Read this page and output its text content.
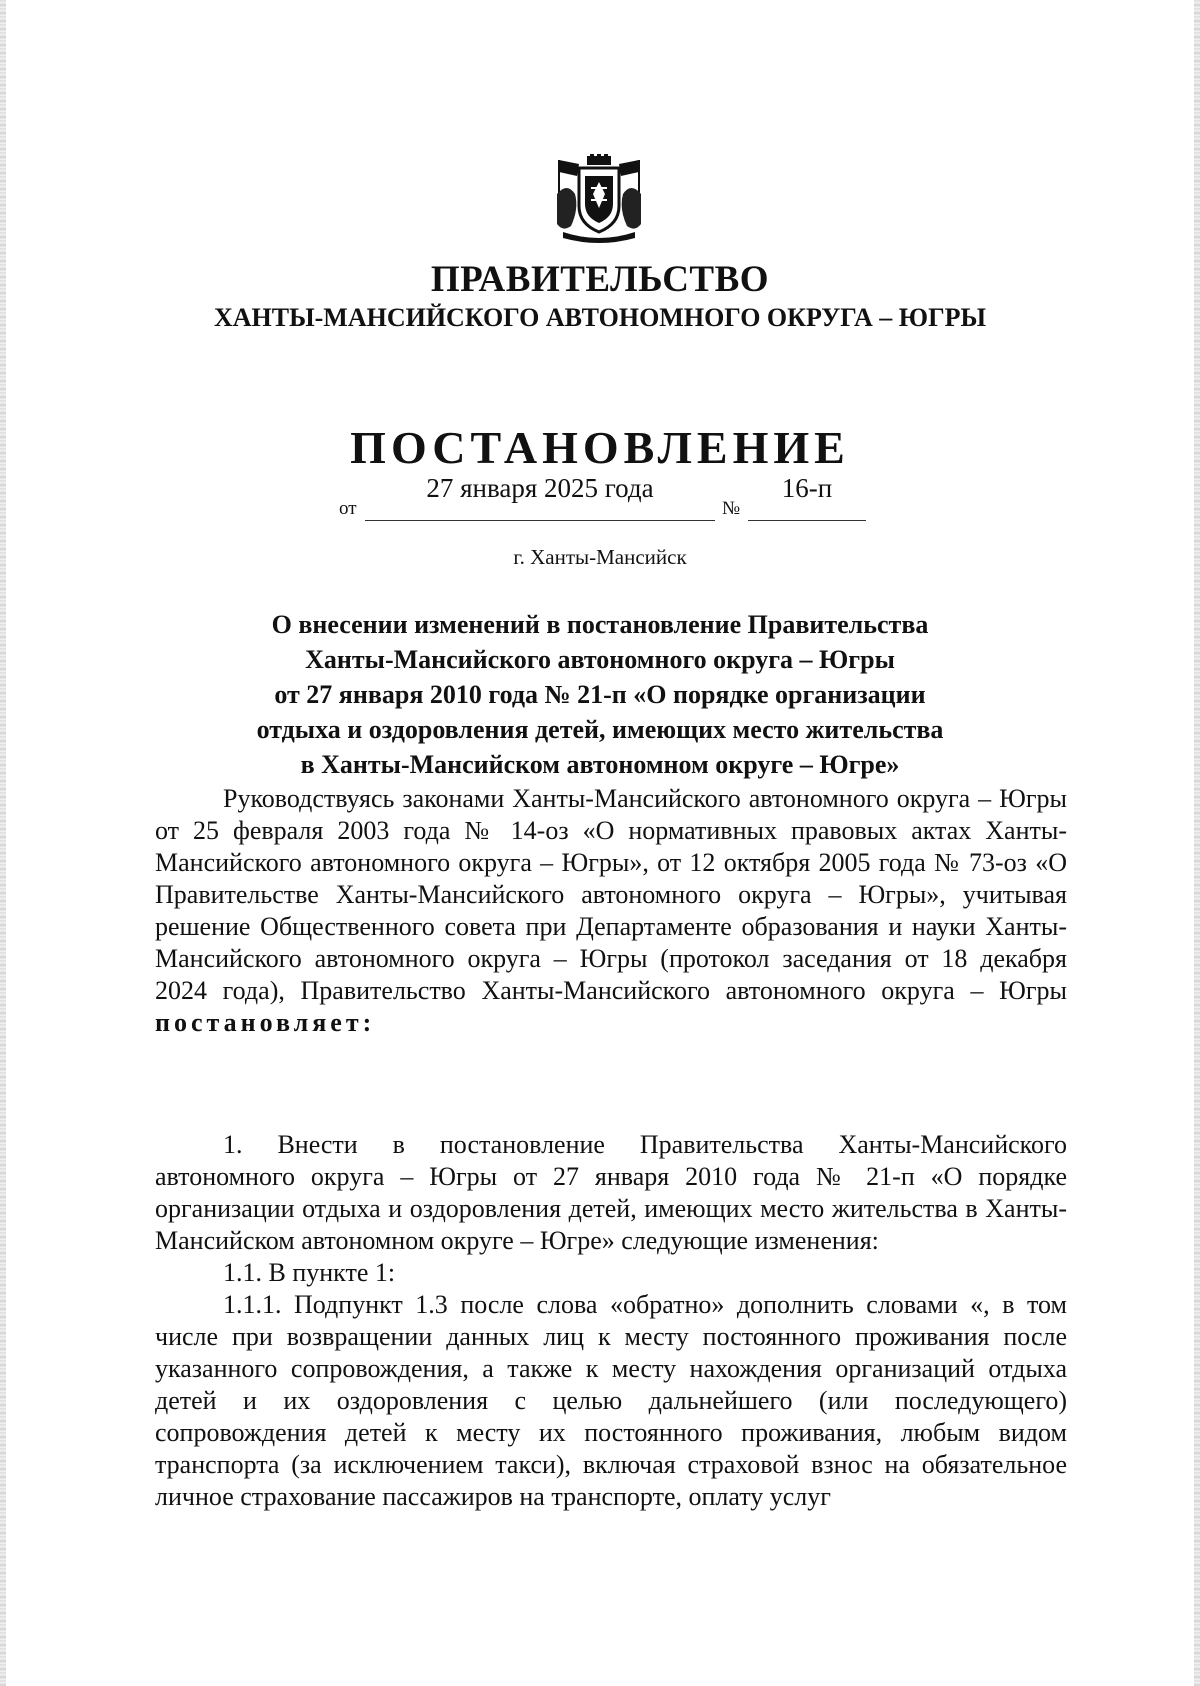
ПРАВИТЕЛЬСТВО
ХАНТЫ-МАНСИЙСКОГО АВТОНОМНОГО ОКРУГА – ЮГРЫ
ПОСТАНОВЛЕНИЕ
от
27 января 2025 года
№
16-п
г. Ханты-Мансийск
О внесении изменений в постановление Правительства
Ханты-Мансийского автономного округа – Югры
от 27 января 2010 года № 21-п «О порядке организации
отдыха и оздоровления детей, имеющих место жительства
в Ханты-Мансийском автономном округе – Югре»

Руководствуясь законами Ханты-Мансийского автономного округа – Югры от 25 февраля 2003 года № 14-оз «О нормативных правовых актах Ханты-Мансийского автономного округа – Югры», от 12 октября 2005 года № 73-оз «О Правительстве Ханты-Мансийского автономного округа – Югры», учитывая решение Общественного совета при Департаменте образования и науки Ханты-Мансийского автономного округа – Югры (протокол заседания от 18 декабря 2024 года), Правительство Ханты-Мансийского автономного округа – Югры постановляет:

1. Внести в постановление Правительства Ханты-Мансийского автономного округа – Югры от 27 января 2010 года № 21-п «О порядке организации отдыха и оздоровления детей, имеющих место жительства в Ханты-Мансийском автономном округе – Югре» следующие изменения:

1.1. В пункте 1:

1.1.1. Подпункт 1.3 после слова «обратно» дополнить словами «, в том числе при возвращении данных лиц к месту постоянного проживания после указанного сопровождения, а также к месту нахождения организаций отдыха детей и их оздоровления с целью дальнейшего (или последующего) сопровождения детей к месту их постоянного проживания, любым видом транспорта (за исключением такси), включая страховой взнос на обязательное личное страхование пассажиров на транспорте, оплату услуг
